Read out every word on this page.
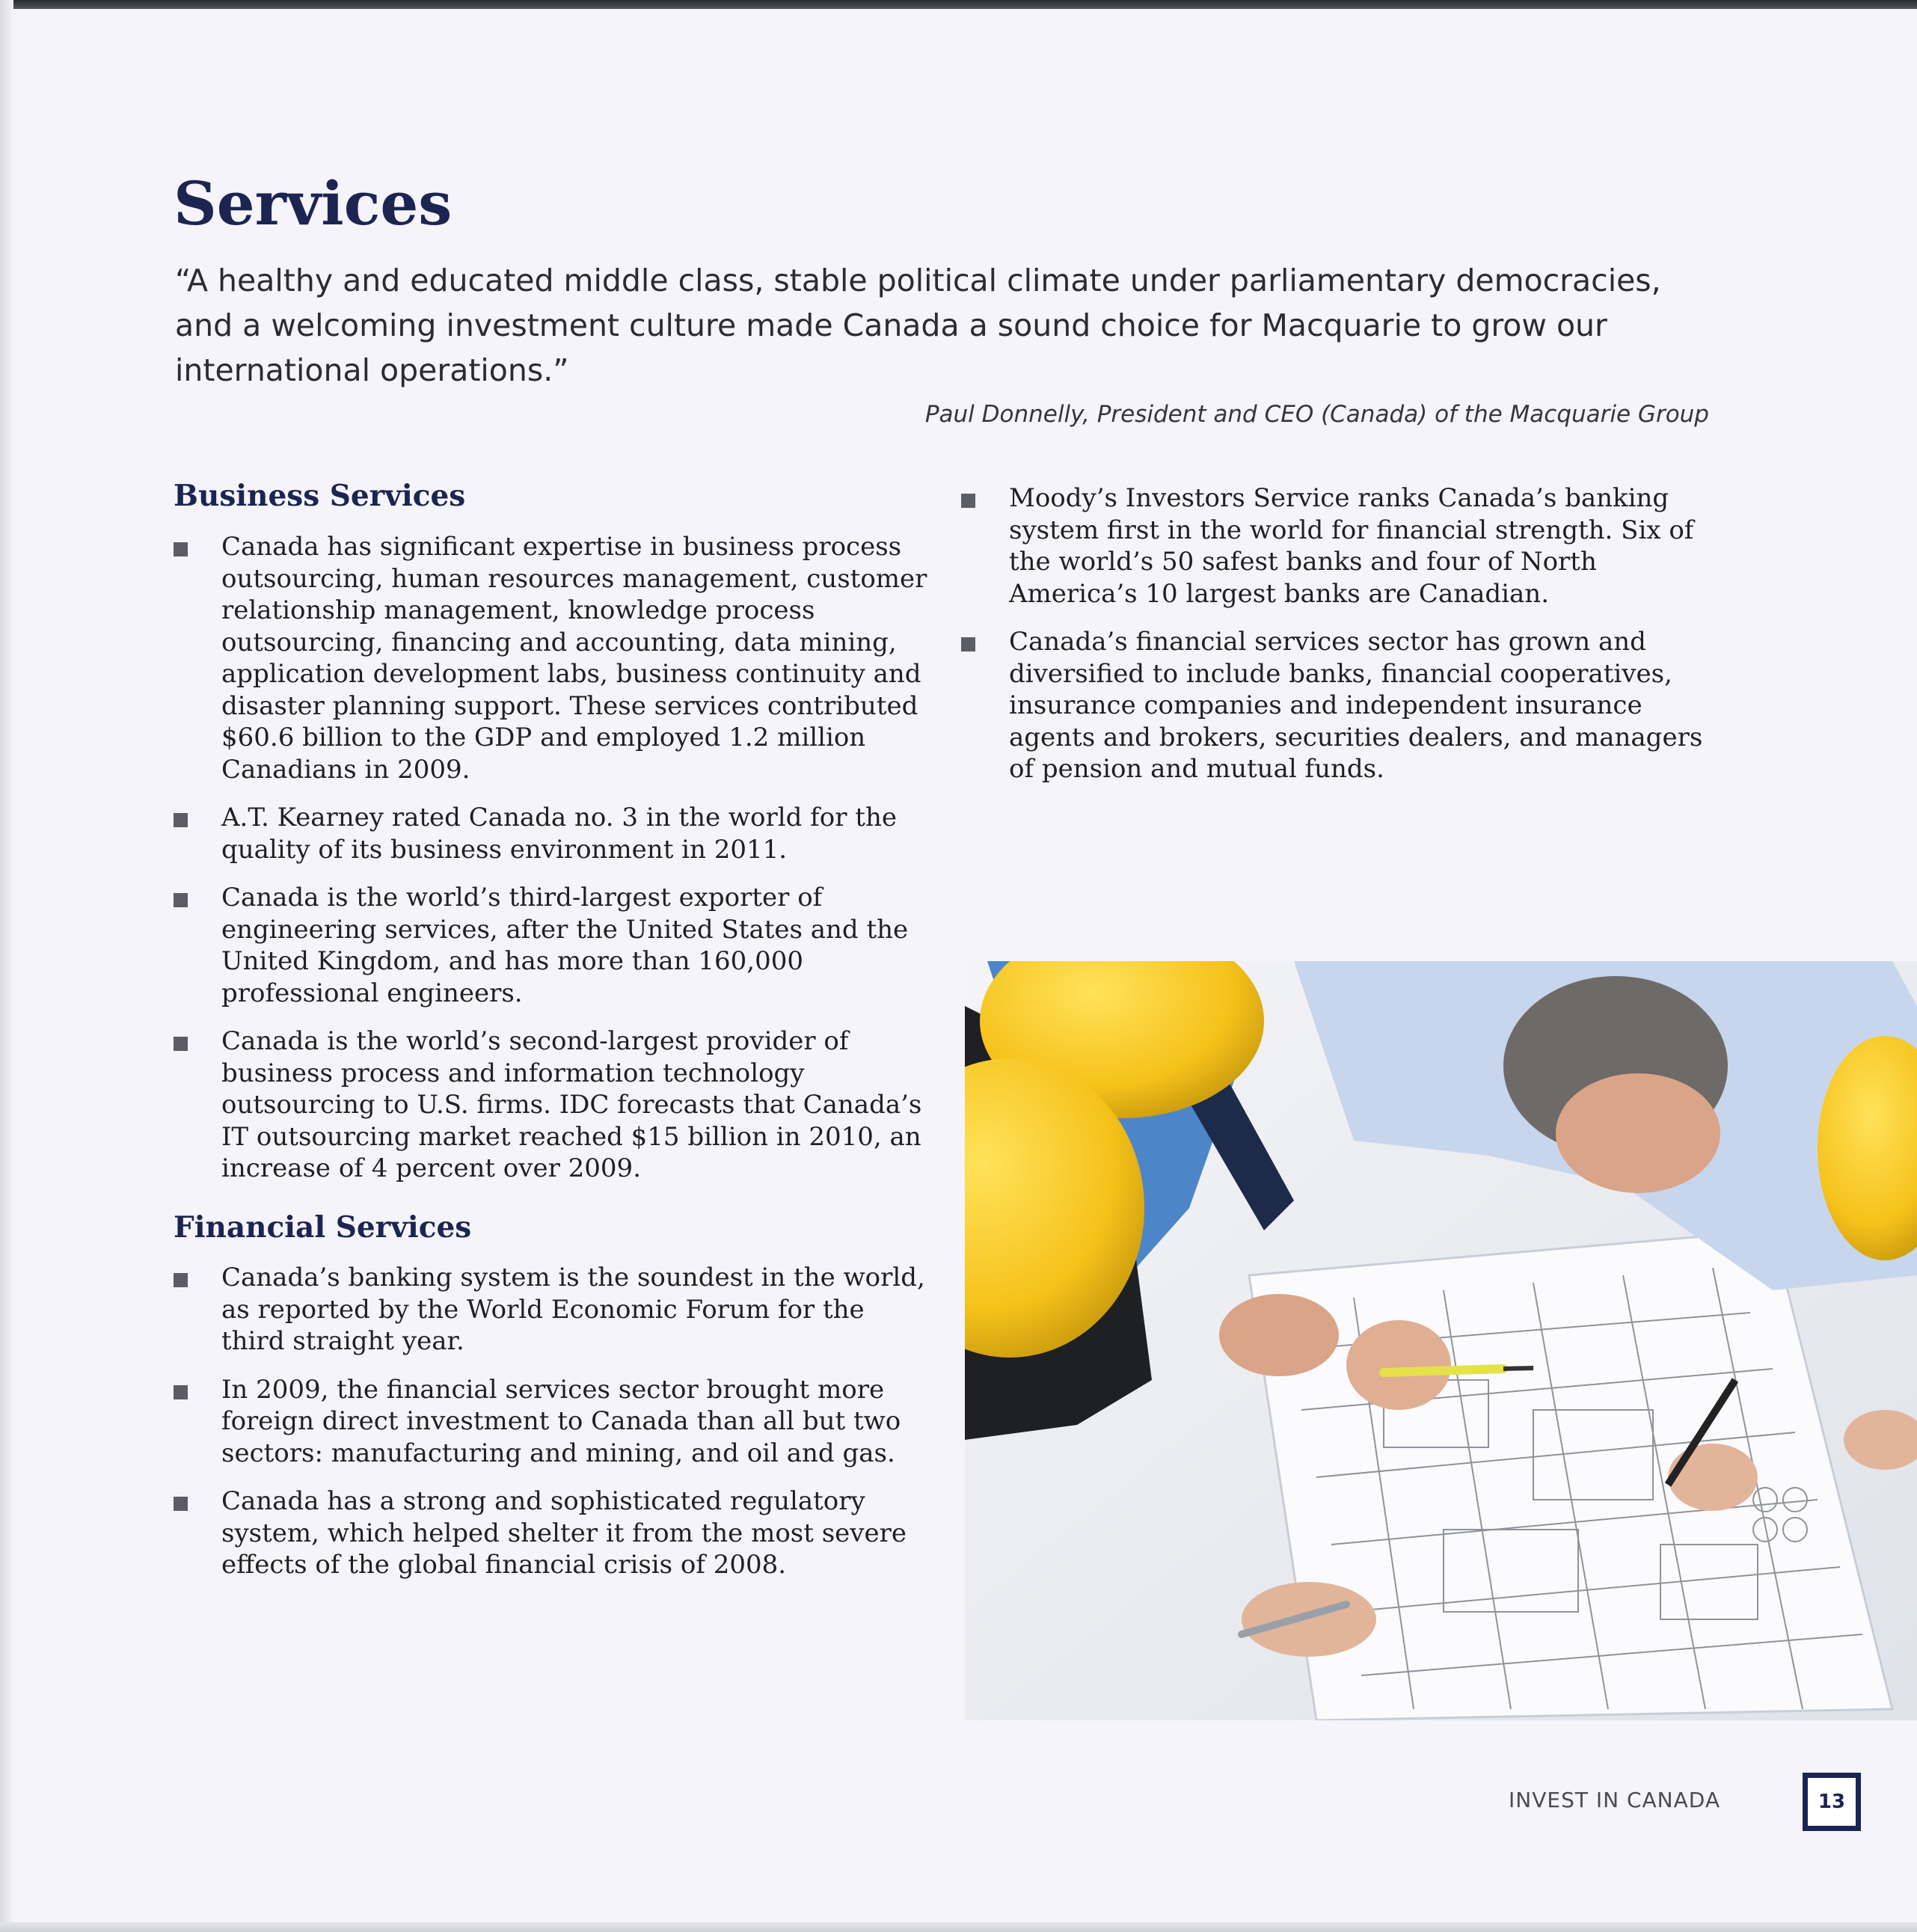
Services

“A healthy and educated middle class, stable political climate under parliamentary democracies, and a welcoming investment culture made Canada a sound choice for Macquarie to grow our international operations.”

Paul Donnelly, President and CEO (Canada) of the Macquarie Group
Business Services
Canada has significant expertise in business process outsourcing, human resources management, customer relationship management, knowledge process outsourcing, financing and accounting, data mining, application development labs, business continuity and disaster planning support. These services contributed $60.6 billion to the GDP and employed 1.2 million Canadians in 2009.
A.T. Kearney rated Canada no. 3 in the world for the quality of its business environment in 2011.
Canada is the world’s third-largest exporter of engineering services, after the United States and the United Kingdom, and has more than 160,000 professional engineers.
Canada is the world’s second-largest provider of business process and information technology outsourcing to U.S. firms. IDC forecasts that Canada’s IT outsourcing market reached $15 billion in 2010, an increase of 4 percent over 2009.
Financial Services
Canada’s banking system is the soundest in the world, as reported by the World Economic Forum for the third straight year.
In 2009, the financial services sector brought more foreign direct investment to Canada than all but two sectors: manufacturing and mining, and oil and gas.
Canada has a strong and sophisticated regulatory system, which helped shelter it from the most severe effects of the global financial crisis of 2008.
Moody’s Investors Service ranks Canada’s banking system first in the world for financial strength. Six of the world’s 50 safest banks and four of North America’s 10 largest banks are Canadian.
Canada’s financial services sector has grown and diversified to include banks, financial cooperatives, insurance companies and independent insurance agents and brokers, securities dealers, and managers of pension and mutual funds.
INVEST IN CANADA	13
